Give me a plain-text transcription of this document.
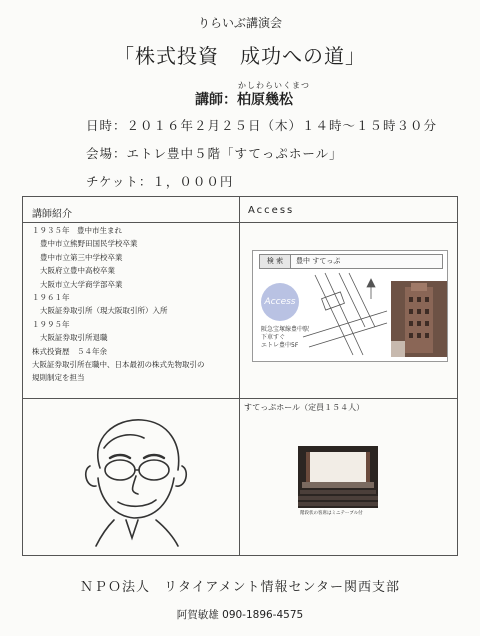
りらいぶ講演会
「株式投資　成功への道」
かしわらいくまつ
講師：柏原幾松
日時：２０１６年２月２５日（木）１４時～１５時３０分
会場：エトレ豊中５階「すてっぷホール」
チケット：１，０００円
講師紹介	Access
１９３５年　豊中市生まれ
豊中市立熊野田国民学校卒業
豊中市立第三中学校卒業
大阪府立豊中高校卒業
大阪市立大学商学部卒業
１９６１年
大阪証券取引所（現大阪取引所）入所
１９９５年
大阪証券取引所退職
株式投資歴　５４年余
大阪証券取引所在職中、日本最初の株式先物取引の
規則制定を担当
検 索	豊中 すてっぷ
Access
阪急宝塚線豊中駅
下車すぐ
エトレ豊中5F
すてっぷホール（定員１５４人）
階段状の客席はミニテーブル付
ＮＰＯ法人　リタイアメント情報センター関西支部
阿賀敏雄 090-1896-4575
